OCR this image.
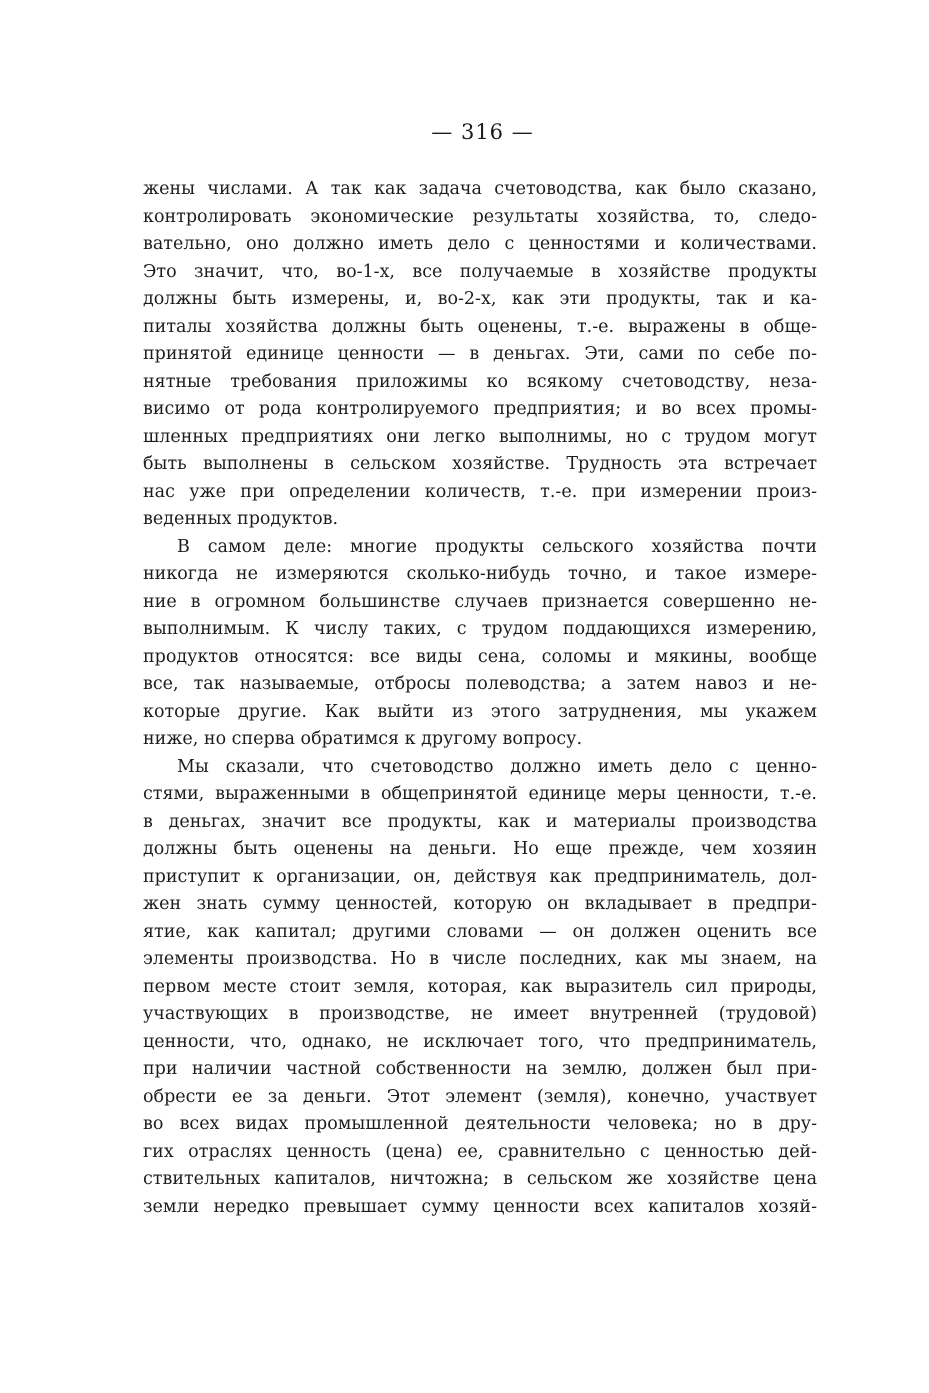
— 316 —
жены числами. А так как задача счетоводства, как было сказано,
контролировать экономические результаты хозяйства, то, следо-
вательно, оно должно иметь дело с ценностями и количествами.
Это значит, что, во-1-х, все получаемые в хозяйстве продукты
должны быть измерены, и, во-2-х, как эти продукты, так и ка-
питалы хозяйства должны быть оценены, т.-е. выражены в обще-
принятой единице ценности — в деньгах. Эти, сами по себе по-
нятные требования приложимы ко всякому счетоводству, неза-
висимо от рода контролируемого предприятия; и во всех промы-
шленных предприятиях они легко выполнимы, но с трудом могут
быть выполнены в сельском хозяйстве. Трудность эта встречает
нас уже при определении количеств, т.-е. при измерении произ-
веденных продуктов.
В самом деле: многие продукты сельского хозяйства почти
никогда не измеряются сколько-нибудь точно, и такое измере-
ние в огромном большинстве случаев признается совершенно не-
выполнимым. К числу таких, с трудом поддающихся измерению,
продуктов относятся: все виды сена, соломы и мякины, вообще
все, так называемые, отбросы полеводства; а затем навоз и не-
которые другие. Как выйти из этого затруднения, мы укажем
ниже, но сперва обратимся к другому вопросу.
Мы сказали, что счетоводство должно иметь дело с ценно-
стями, выраженными в общепринятой единице меры ценности, т.-е.
в деньгах, значит все продукты, как и материалы производства
должны быть оценены на деньги. Но еще прежде, чем хозяин
приступит к организации, он, действуя как предприниматель, дол-
жен знать сумму ценностей, которую он вкладывает в предпри-
ятие, как капитал; другими словами — он должен оценить все
элементы производства. Но в числе последних, как мы знаем, на
первом месте стоит земля, которая, как выразитель сил природы,
участвующих в производстве, не имеет внутренней (трудовой)
ценности, что, однако, не исключает того, что предприниматель,
при наличии частной собственности на землю, должен был при-
обрести ее за деньги. Этот элемент (земля), конечно, участвует
во всех видах промышленной деятельности человека; но в дру-
гих отраслях ценность (цена) ее, сравнительно с ценностью дей-
ствительных капиталов, ничтожна; в сельском же хозяйстве цена
земли нередко превышает сумму ценности всех капиталов хозяй-
